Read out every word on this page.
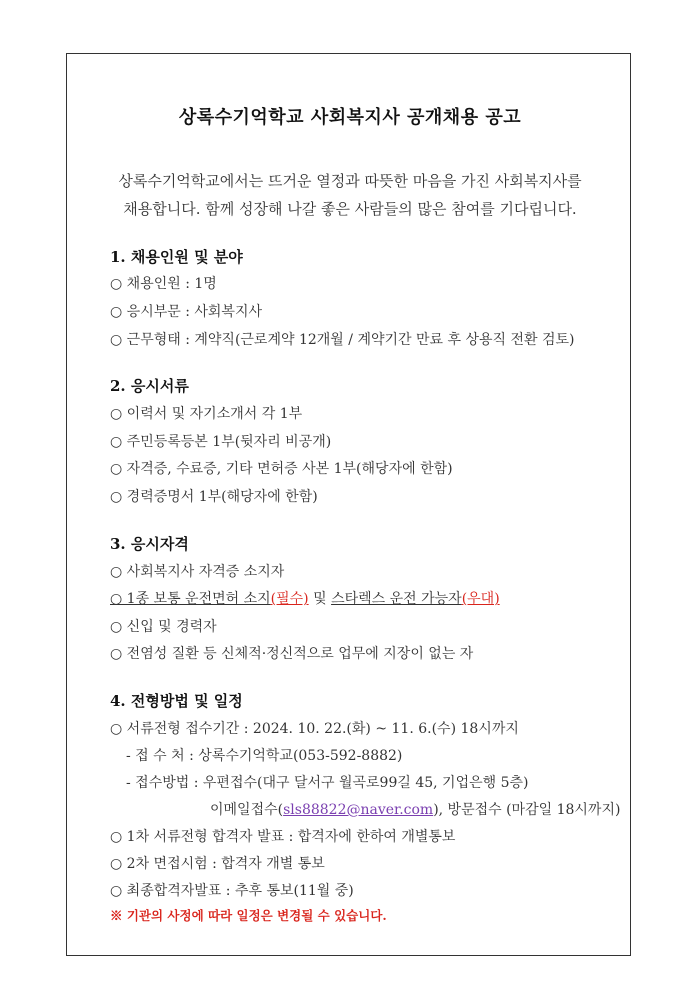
상록수기억학교 사회복지사 공개채용 공고
상록수기억학교에서는 뜨거운 열정과 따뜻한 마음을 가진 사회복지사를
채용합니다. 함께 성장해 나갈 좋은 사람들의 많은 참여를 기다립니다.
1. 채용인원 및 분야
○ 채용인원 : 1명
○ 응시부문 : 사회복지사
○ 근무형태 : 계약직(근로계약 12개월 / 계약기간 만료 후 상용직 전환 검토)
2. 응시서류
○ 이력서 및 자기소개서 각 1부
○ 주민등록등본 1부(뒷자리 비공개)
○ 자격증, 수료증, 기타 면허증 사본 1부(해당자에 한함)
○ 경력증명서 1부(해당자에 한함)
3. 응시자격
○ 사회복지사 자격증 소지자
○ 1종 보통 운전면허 소지(필수) 및 스타렉스 운전 가능자(우대)
○ 신입 및 경력자
○ 전염성 질환 등 신체적·정신적으로 업무에 지장이 없는 자
4. 전형방법 및 일정
○ 서류전형 접수기간 : 2024. 10. 22.(화) ~ 11. 6.(수) 18시까지
- 접 수 처 : 상록수기억학교(053-592-8882)
- 접수방법 : 우편접수(대구 달서구 월곡로99길 45, 기업은행 5층)
이메일접수(sls88822@naver.com), 방문접수 (마감일 18시까지)
○ 1차 서류전형 합격자 발표 : 합격자에 한하여 개별통보
○ 2차 면접시험 : 합격자 개별 통보
○ 최종합격자발표 : 추후 통보(11월 중)
※ 기관의 사정에 따라 일정은 변경될 수 있습니다.
